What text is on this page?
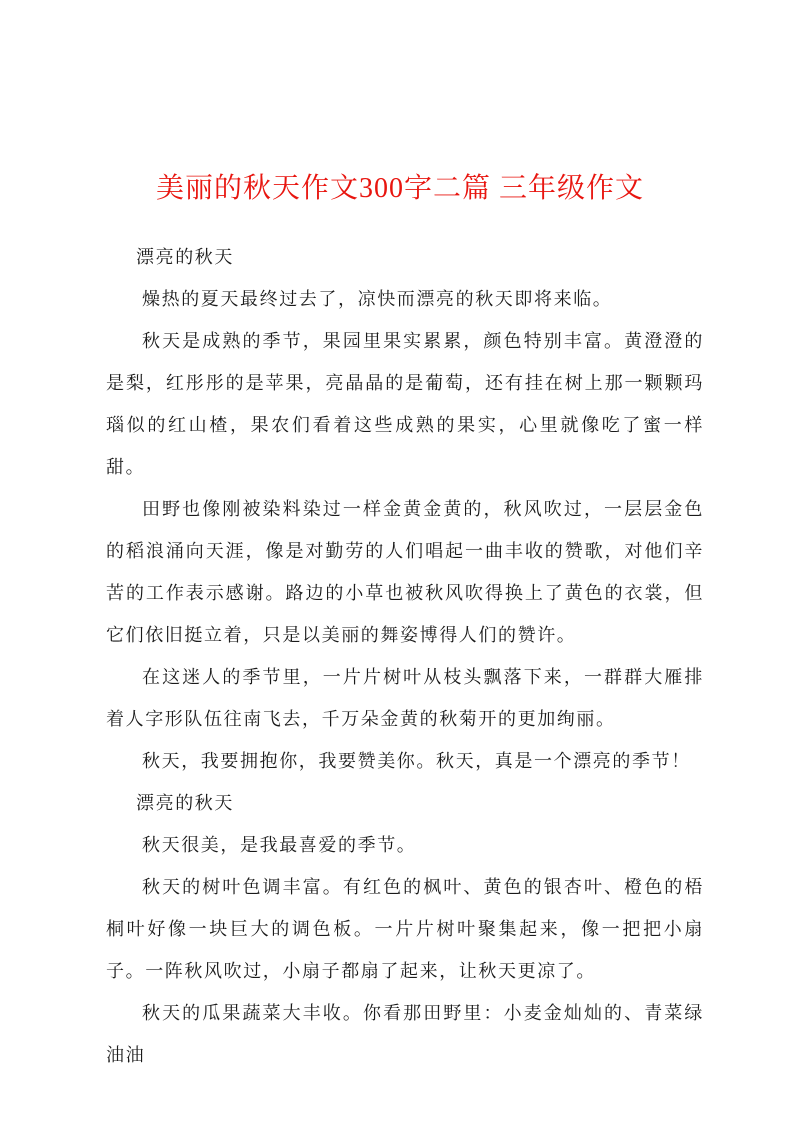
美丽的秋天作文300字二篇 三年级作文

漂亮的秋天

燥热的夏天最终过去了，凉快而漂亮的秋天即将来临。

秋天是成熟的季节，果园里果实累累，颜色特别丰富。黄澄澄的是梨，红彤彤的是苹果，亮晶晶的是葡萄，还有挂在树上那一颗颗玛瑙似的红山楂，果农们看着这些成熟的果实，心里就像吃了蜜一样甜。

田野也像刚被染料染过一样金黄金黄的，秋风吹过，一层层金色的稻浪涌向天涯，像是对勤劳的人们唱起一曲丰收的赞歌，对他们辛苦的工作表示感谢。路边的小草也被秋风吹得换上了黄色的衣裳，但它们依旧挺立着，只是以美丽的舞姿博得人们的赞许。

在这迷人的季节里，一片片树叶从枝头飘落下来，一群群大雁排着人字形队伍往南飞去，千万朵金黄的秋菊开的更加绚丽。

秋天，我要拥抱你，我要赞美你。秋天，真是一个漂亮的季节！

漂亮的秋天

秋天很美，是我最喜爱的季节。

秋天的树叶色调丰富。有红色的枫叶、黄色的银杏叶、橙色的梧桐叶好像一块巨大的调色板。一片片树叶聚集起来，像一把把小扇子。一阵秋风吹过，小扇子都扇了起来，让秋天更凉了。

秋天的瓜果蔬菜大丰收。你看那田野里：小麦金灿灿的、青菜绿油油
